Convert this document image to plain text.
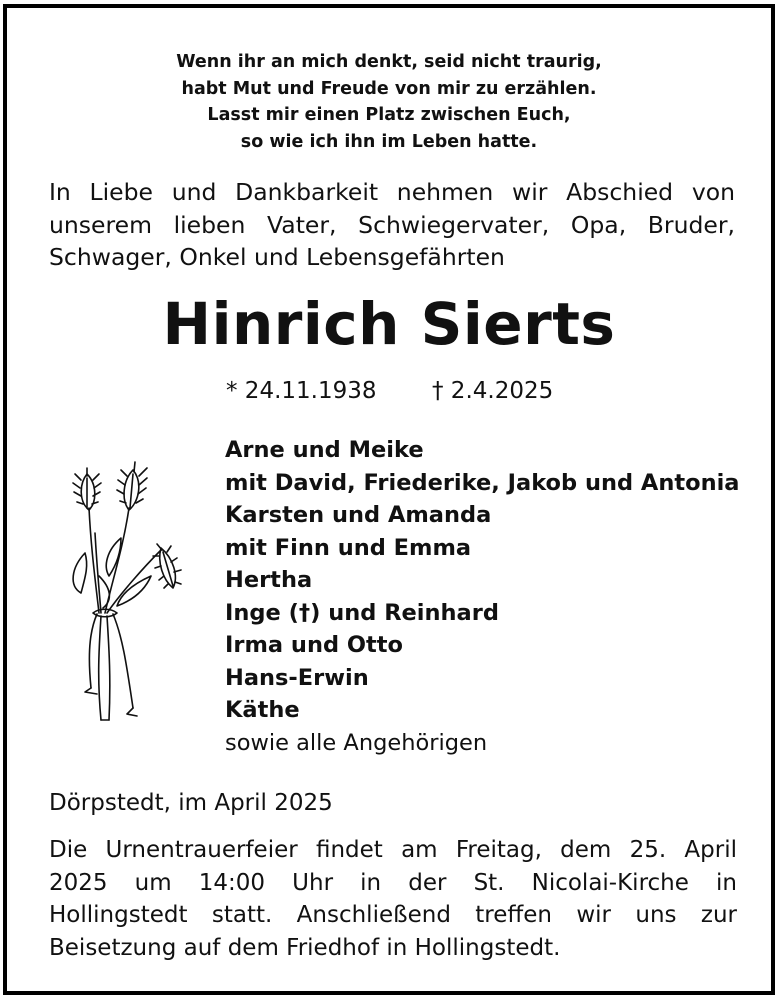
Wenn ihr an mich denkt, seid nicht traurig,
habt Mut und Freude von mir zu erzählen.
Lasst mir einen Platz zwischen Euch,
so wie ich ihn im Leben hatte.
In Liebe und Dankbarkeit nehmen wir Abschied von
unserem lieben Vater, Schwiegervater, Opa, Bruder,
Schwager, Onkel und Lebensgefährten
Hinrich Sierts
* 24.11.1938 † 2.4.2025
Arne und Meike
mit David, Friederike, Jakob und Antonia
Karsten und Amanda
mit Finn und Emma
Hertha
Inge (†) und Reinhard
Irma und Otto
Hans-Erwin
Käthe
sowie alle Angehörigen
Dörpstedt, im April 2025
Die Urnentrauerfeier findet am Freitag, dem 25. April
2025 um 14:00 Uhr in der St. Nicolai-Kirche in
Hollingstedt statt. Anschließend treffen wir uns zur
Beisetzung auf dem Friedhof in Hollingstedt.
